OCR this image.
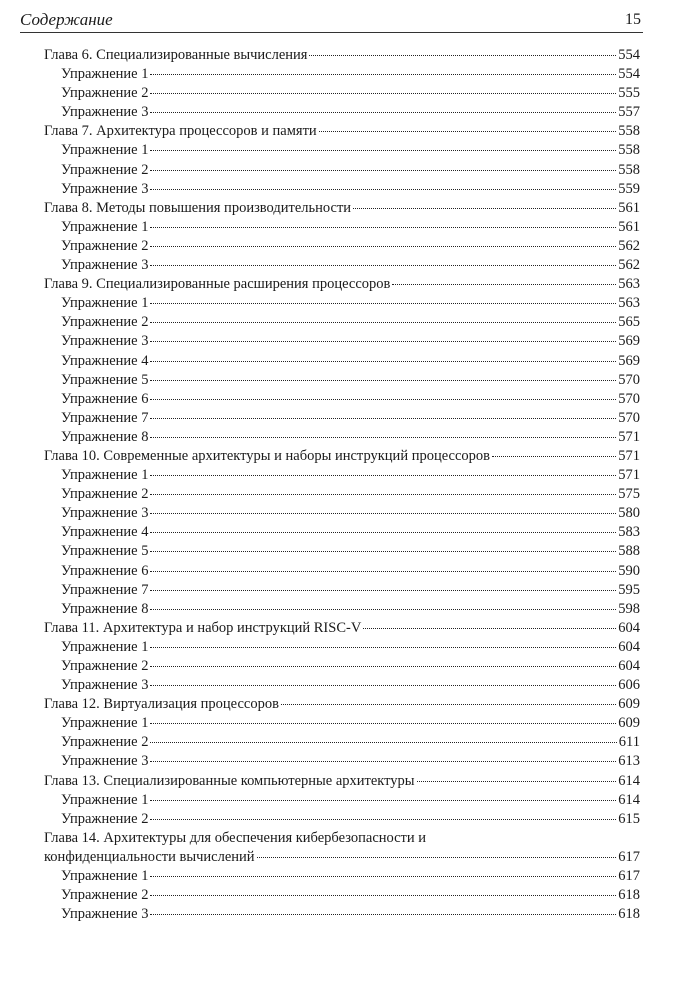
Содержание	15
Глава 6. Специализированные вычисления	554
Упражнение 1	554
Упражнение 2	555
Упражнение 3	557
Глава 7. Архитектура процессоров и памяти	558
Упражнение 1	558
Упражнение 2	558
Упражнение 3	559
Глава 8. Методы повышения производительности	561
Упражнение 1	561
Упражнение 2	562
Упражнение 3	562
Глава 9. Специализированные расширения процессоров	563
Упражнение 1	563
Упражнение 2	565
Упражнение 3	569
Упражнение 4	569
Упражнение 5	570
Упражнение 6	570
Упражнение 7	570
Упражнение 8	571
Глава 10. Современные архитектуры и наборы инструкций процессоров	571
Упражнение 1	571
Упражнение 2	575
Упражнение 3	580
Упражнение 4	583
Упражнение 5	588
Упражнение 6	590
Упражнение 7	595
Упражнение 8	598
Глава 11. Архитектура и набор инструкций RISC-V	604
Упражнение 1	604
Упражнение 2	604
Упражнение 3	606
Глава 12. Виртуализация процессоров	609
Упражнение 1	609
Упражнение 2	611
Упражнение 3	613
Глава 13. Специализированные компьютерные архитектуры	614
Упражнение 1	614
Упражнение 2	615
Глава 14. Архитектуры для обеспечения кибербезопасности и
конфиденциальности вычислений	617
Упражнение 1	617
Упражнение 2	618
Упражнение 3	618
